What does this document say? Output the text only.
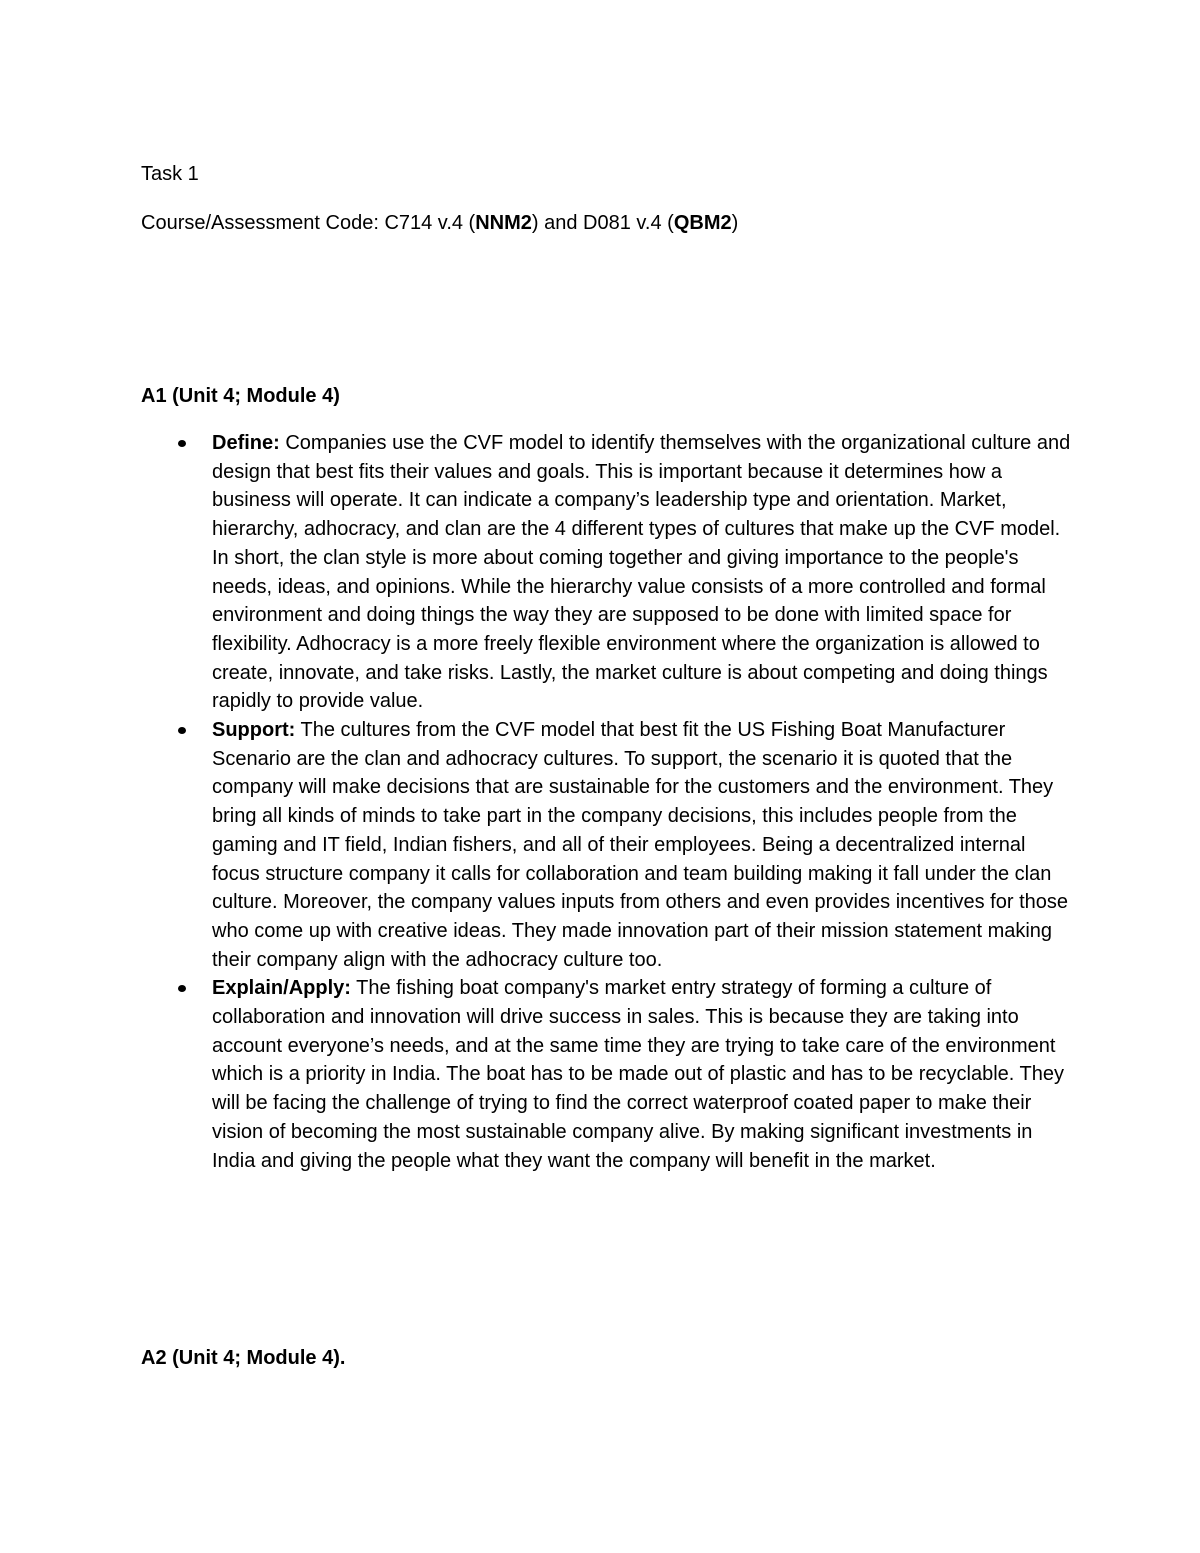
Task 1

Course/Assessment Code: C714 v.4 (NNM2) and D081 v.4 (QBM2)

A1 (Unit 4; Module 4)
Define: Companies use the CVF model to identify themselves with the organizational culture and design that best fits their values and goals. This is important because it determines how a business will operate. It can indicate a company’s leadership type and orientation. Market, hierarchy, adhocracy, and clan are the 4 different types of cultures that make up the CVF model. In short, the clan style is more about coming together and giving importance to the people's needs, ideas, and opinions. While the hierarchy value consists of a more controlled and formal environment and doing things the way they are supposed to be done with limited space for flexibility. Adhocracy is a more freely flexible environment where the organization is allowed to create, innovate, and take risks. Lastly, the market culture is about competing and doing things rapidly to provide value.
Support: The cultures from the CVF model that best fit the US Fishing Boat Manufacturer Scenario are the clan and adhocracy cultures. To support, the scenario it is quoted that the company will make decisions that are sustainable for the customers and the environment. They bring all kinds of minds to take part in the company decisions, this includes people from the gaming and IT field, Indian fishers, and all of their employees. Being a decentralized internal focus structure company it calls for collaboration and team building making it fall under the clan culture. Moreover, the company values inputs from others and even provides incentives for those who come up with creative ideas. They made innovation part of their mission statement making their company align with the adhocracy culture too.
Explain/Apply: The fishing boat company's market entry strategy of forming a culture of collaboration and innovation will drive success in sales. This is because they are taking into account everyone’s needs, and at the same time they are trying to take care of the environment which is a priority in India. The boat has to be made out of plastic and has to be recyclable. They will be facing the challenge of trying to find the correct waterproof coated paper to make their vision of becoming the most sustainable company alive. By making significant investments in India and giving the people what they want the company will benefit in the market.
A2 (Unit 4; Module 4).
